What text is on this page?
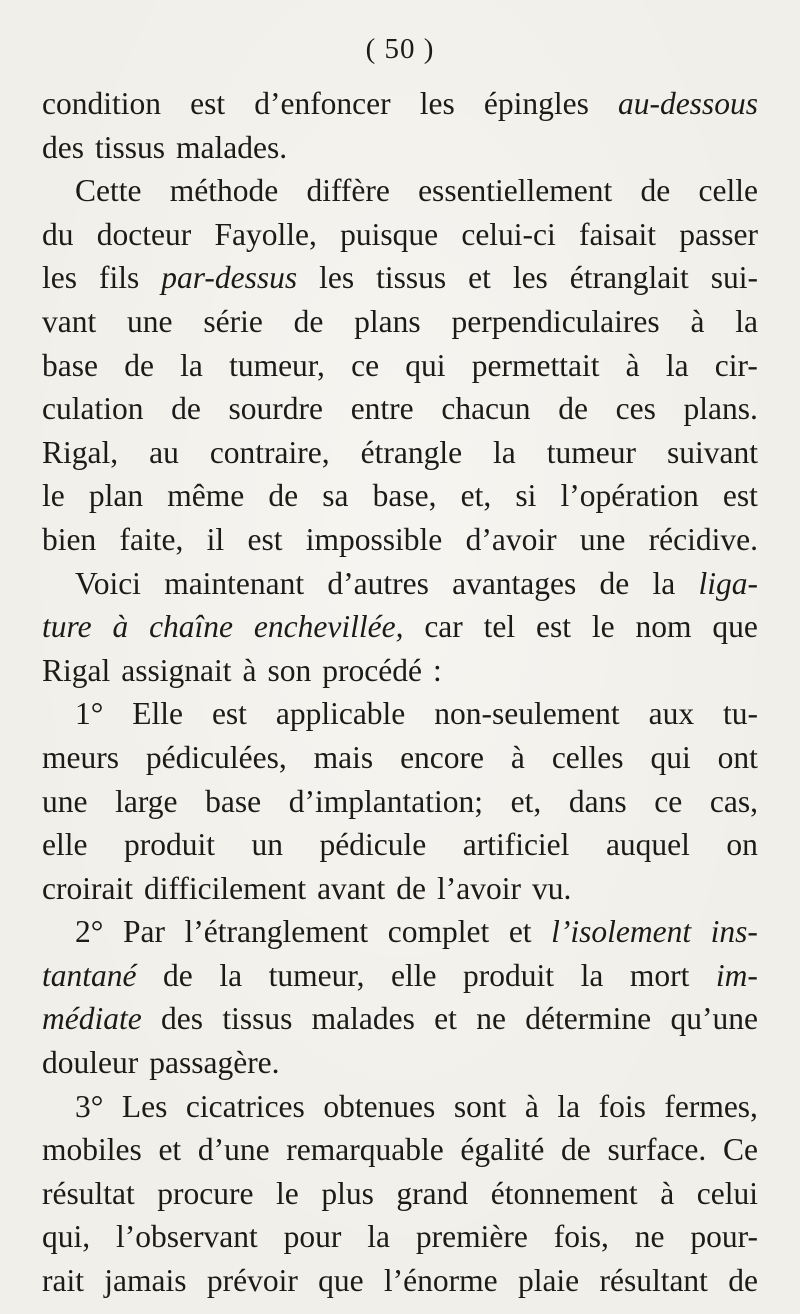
( 50 )
condition est d’enfoncer les épingles au-dessous
des tissus malades.
Cette méthode diffère essentiellement de celle
du docteur Fayolle, puisque celui-ci faisait passer
les fils par-dessus les tissus et les étranglait sui-
vant une série de plans perpendiculaires à la
base de la tumeur, ce qui permettait à la cir-
culation de sourdre entre chacun de ces plans.
Rigal, au contraire, étrangle la tumeur suivant
le plan même de sa base, et, si l’opération est
bien faite, il est impossible d’avoir une récidive.
Voici maintenant d’autres avantages de la liga-
ture à chaîne enchevillée, car tel est le nom que
Rigal assignait à son procédé :
1° Elle est applicable non-seulement aux tu-
meurs pédiculées, mais encore à celles qui ont
une large base d’implantation; et, dans ce cas,
elle produit un pédicule artificiel auquel on
croirait difficilement avant de l’avoir vu.
2° Par l’étranglement complet et l’isolement ins-
tantané de la tumeur, elle produit la mort im-
médiate des tissus malades et ne détermine qu’une
douleur passagère.
3° Les cicatrices obtenues sont à la fois fermes,
mobiles et d’une remarquable égalité de surface. Ce
résultat procure le plus grand étonnement à celui
qui, l’observant pour la première fois, ne pour-
rait jamais prévoir que l’énorme plaie résultant de
